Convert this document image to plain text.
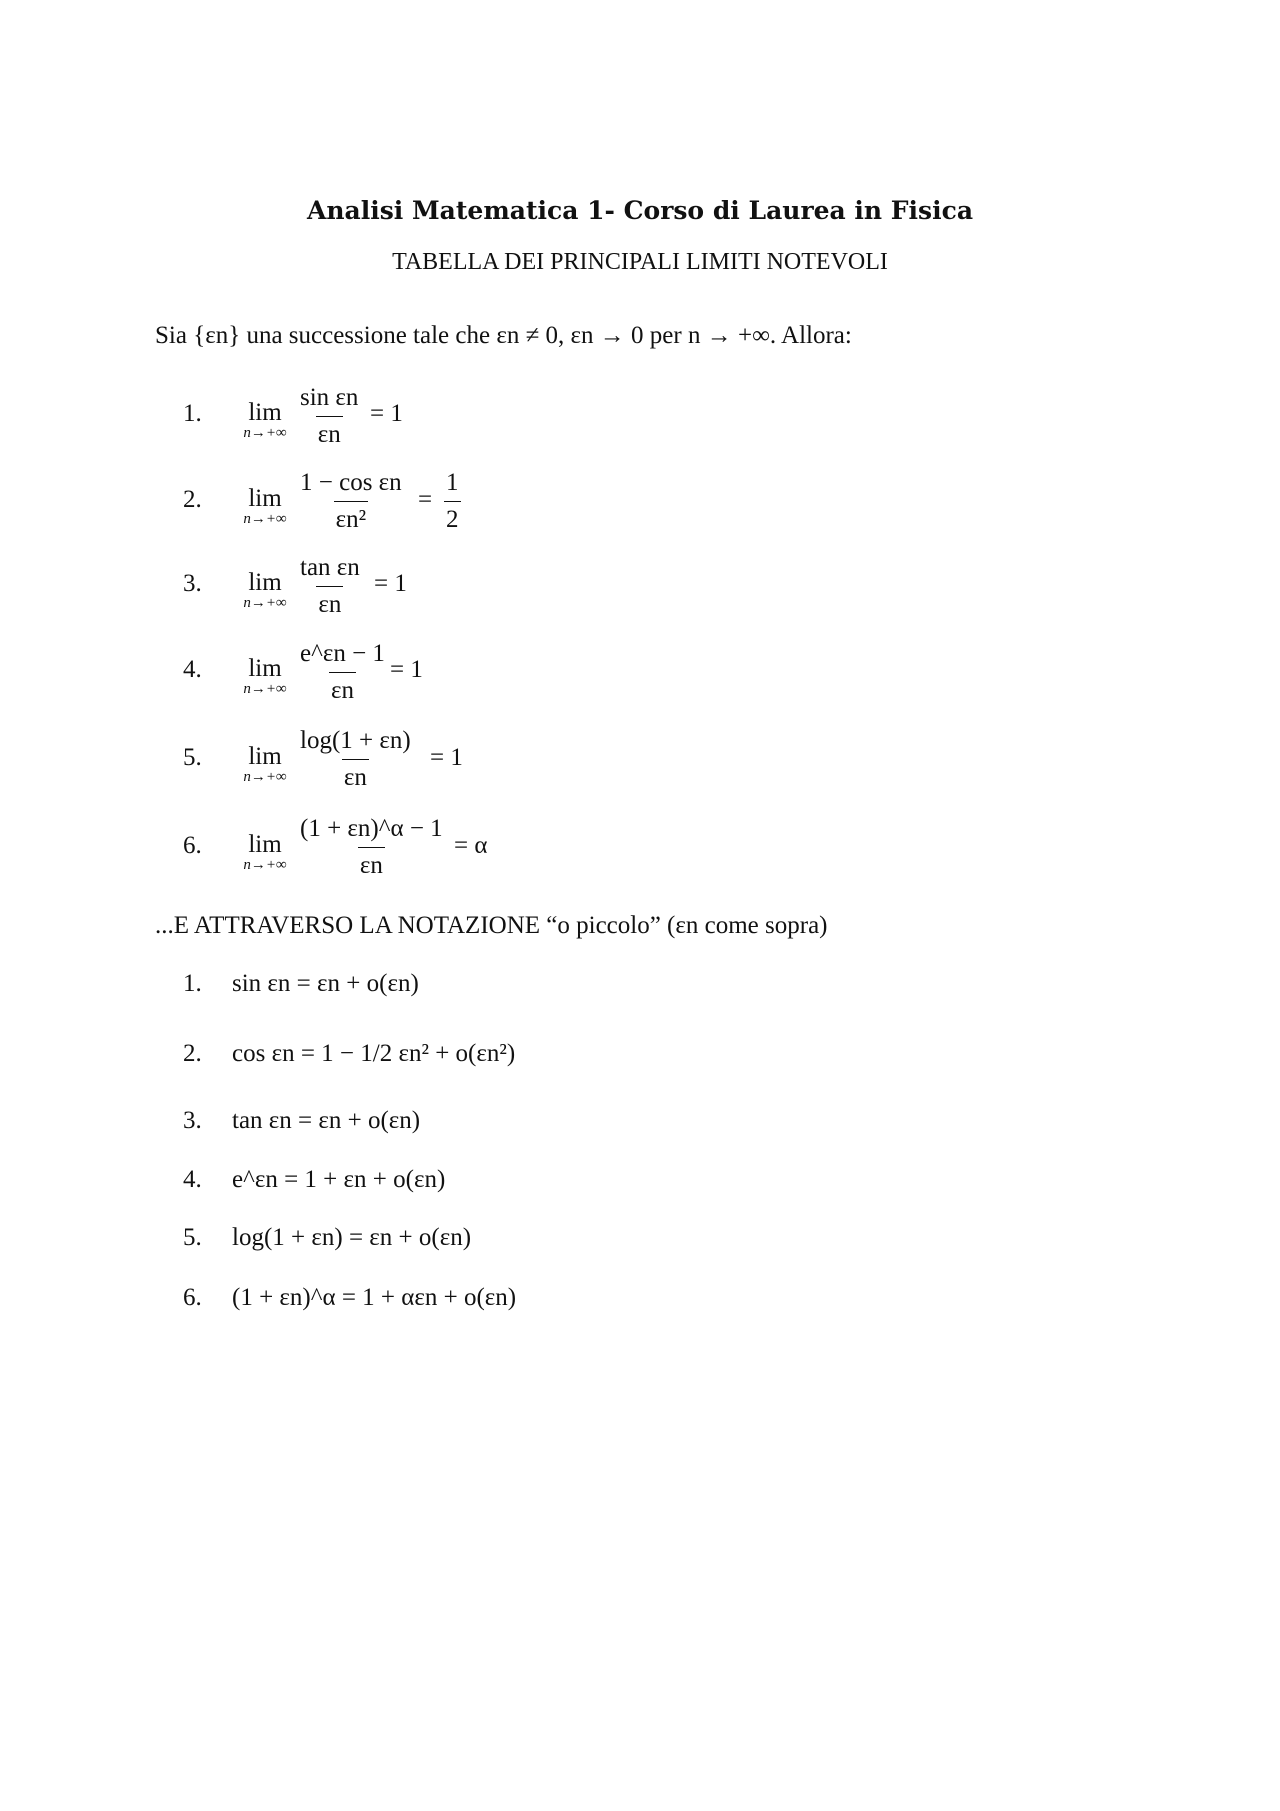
Analisi Matematica 1- Corso di Laurea in Fisica
TABELLA DEI PRINCIPALI LIMITI NOTEVOLI
Sia {εn} una successione tale che εn ≠ 0, εn → 0 per n → +∞. Allora:
1.	lim
$n\to+\infty \frac{\text{sin εn}}{\varepsilon n} = 1$
2.	lim
$n\to+\infty \frac{\text{1 − cos εn}}{\text{εn²}} = \frac{1}{2}$
3.	lim
$n\to+\infty \frac{\text{tan εn}}{\varepsilon n} = 1$
4.	lim
$n\to+\infty \frac{e\^{}\varepsilon n - 1}{\varepsilon n} = 1$
5.	lim
$n\to+\infty \frac{\log(1 + \varepsilon n)}{\varepsilon n} = 1$
6.	lim
$n\to+\infty \frac{(1 + \varepsilon n)\^{}\alpha - 1}{\varepsilon n} = \alpha$
...E ATTRAVERSO LA NOTAZIONE “o piccolo” (εn come sopra)
1. sin εn = εn + o(εn)
2. cos εn = 1 − 1/2 εn² + o(εn²)
3. tan εn = εn + o(εn)
4. e^εn = 1 + εn + o(εn)
5. log(1 + εn) = εn + o(εn)
6. (1 + εn)^α = 1 + αεn + o(εn)
